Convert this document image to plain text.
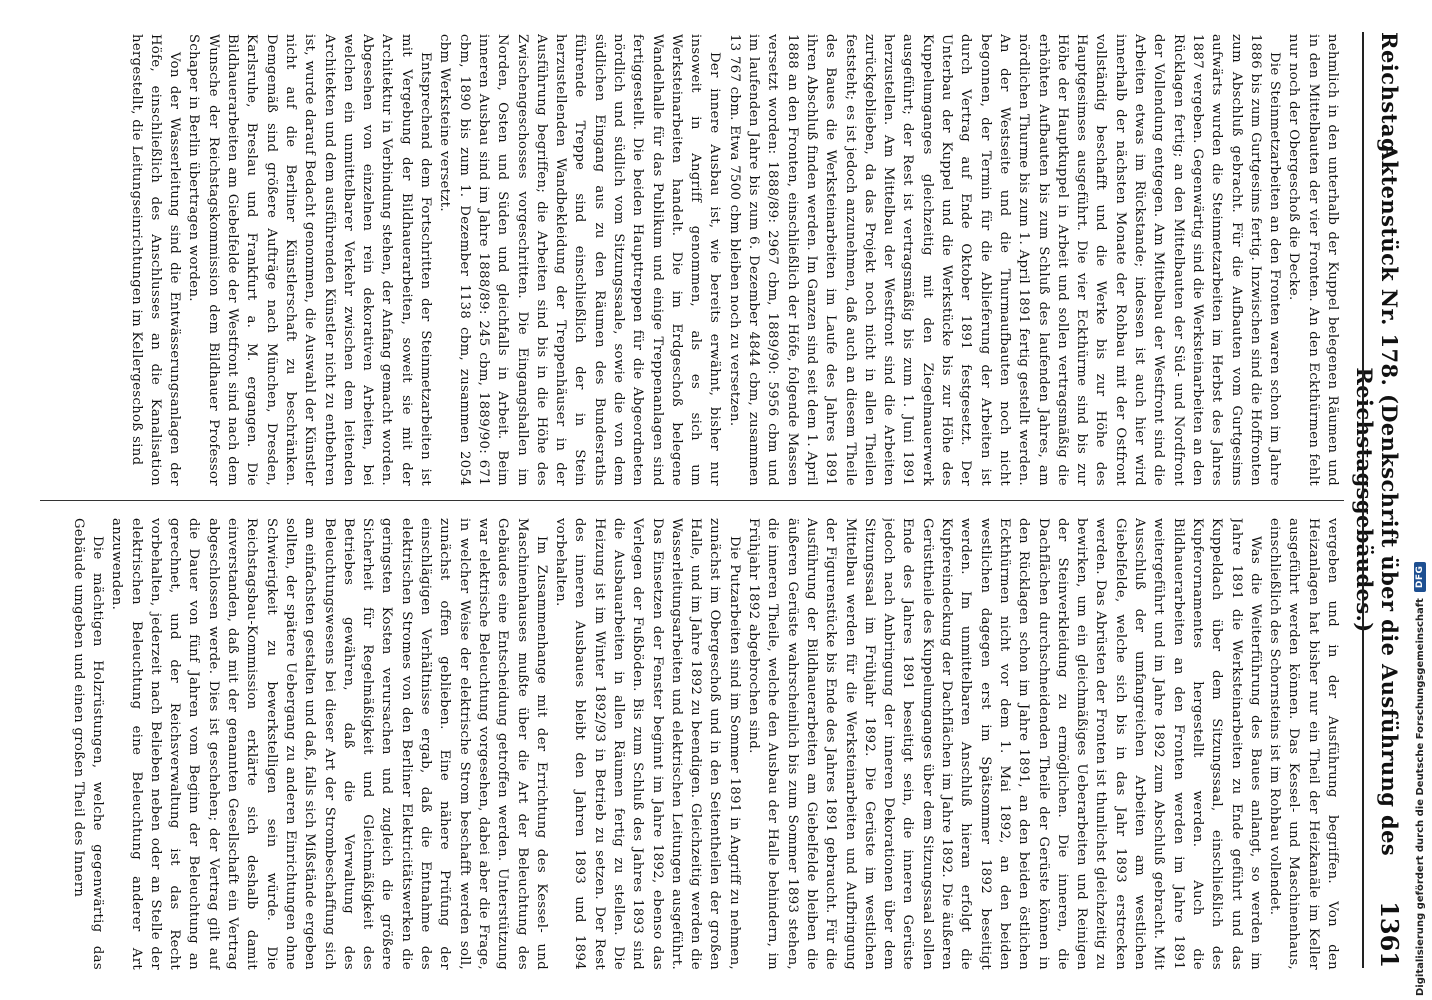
Reichstag.
Aktenstück Nr. 178. (Denkschrift über die Ausführung des Reichstagsgebäudes.)
1361

nehmlich in den unterhalb der Kuppel belegenen Räumen und in den Mittelbauten der vier Fronten. An den Eckthürmen fehlt nur noch der Obergeschoß die Decke.

Die Steinmetzarbeiten an den Fronten waren schon im Jahre 1886 bis zum Gurtgesims fertig. Inzwischen sind die Hoffronten zum Abschluß gebracht. Für die Aufbauten vom Gurtgesims aufwärts wurden die Steinmetzarbeiten im Herbst des Jahres 1887 vergeben. Gegenwärtig sind die Werksteinarbeiten an den Rücklagen fertig; an den Mittelbauten der Süd- und Nordfront der Vollendung entgegen. Am Mittelbau der Westfront sind die Arbeiten etwas im Rückstande; indessen ist auch hier wird innerhalb der nächsten Monate der Rohbau mit der Ostfront vollständig beschafft und die Werke bis zur Höhe des Hauptgesimses ausgeführt. Die vier Eckthürme sind bis zur Höhe der Hauptkuppel in Arbeit und sollen vertragsmäßig die erhöhten Aufbauten bis zum Schluß des laufenden Jahres, am nördlichen Thurme bis zum 1. April 1891 fertig gestellt werden. An der Westseite und die Thurmaufbauten noch nicht begonnen, der Termin für die Ablieferung der Arbeiten ist durch Vertrag auf Ende Oktober 1891 festgesetzt. Der Unterbau der Kuppel und die Werkstücke bis zur Höhe des Kuppelumganges gleichzeitig mit den Ziegelmauerwerk ausgeführt; der Rest ist vertragsmäßig bis zum 1. Juni 1891 herzustellen. Am Mittelbau der Westfront sind die Arbeiten zurückgeblieben, da das Projekt noch nicht in allen Theilen feststeht; es ist jedoch anzunehmen, daß auch an diesem Theile des Baues die Werksteinarbeiten im Laufe des Jahres 1891 ihren Abschluß finden werden. Im Ganzen sind seit dem 1. April 1888 an den Fronten, einschließlich der Höfe, folgende Massen versetzt worden: 1888/89: 2967 cbm, 1889/90: 5956 cbm und im laufenden Jahre bis zum 6. Dezember 4844 cbm, zusammen 13 767 cbm. Etwa 7500 cbm bleiben noch zu versetzen.

Der innere Ausbau ist, wie bereits erwähnt, bisher nur insoweit in Angriff genommen, als es sich um Werksteinarbeiten handelt. Die im Erdgeschoß belegene Wandelhalle für das Publikum und einige Treppenanlagen sind fertiggestellt. Die beiden Haupttreppen für die Abgeordneten nördlich und südlich vom Sitzungssaale, sowie die von dem südlichen Eingang aus zu den Räumen des Bundesraths führende Treppe sind einschließlich der in Stein herzustellenden Wandbekleidung der Treppenhäuser in der Ausführung begriffen; die Arbeiten sind bis in die Höhe des Zwischengeschosses vorgeschritten. Die Eingangshallen im Norden, Osten und Süden und gleichfalls in Arbeit. Beim inneren Ausbau sind im Jahre 1888/89: 245 cbm, 1889/90: 671 cbm, 1890 bis zum 1. Dezember 1138 cbm, zusammen 2054 cbm Werksteine versetzt.

Entsprechend dem Fortschritten der Steinmetzarbeiten ist mit Vergebung der Bildhauerarbeiten, soweit sie mit der Architektur in Verbindung stehen, der Anfang gemacht worden. Abgesehen von einzelnen rein dekorativen Arbeiten, bei welchen ein unmittelbarer Verkehr zwischen dem leitenden Architekten und dem ausführenden Künstler nicht zu entbehren ist, wurde darauf Bedacht genommen, die Auswahl der Künstler nicht auf die Berliner Künstlerschaft zu beschränken. Demgemäß sind größere Aufträge nach München, Dresden, Karlsruhe, Breslau und Frankfurt a. M. ergangen. Die Bildhauerarbeiten am Giebelfelde der Westfront sind nach dem Wunsche der Reichstagskommission dem Bildhauer Professor Schaper in Berlin übertragen worden.

Von der Wasserleitung sind die Entwässerungsanlagen der Höfe, einschließlich des Anschlusses an die Kanalisation hergestellt, die Leitungseinrichtungen im Kellergeschoß sind

vergeben und in der Ausführung begriffen. Von den Heizanlagen hat bisher nur ein Theil der Heizkanäle im Keller ausgeführt werden können. Das Kessel- und Maschinenhaus, einschließlich des Schornsteins ist im Rohbau vollendet.

Was die Weiterführung des Baues anlangt, so werden im Jahre 1891 die Werksteinarbeiten zu Ende geführt und das Kuppeldach über dem Sitzungssaal, einschließlich des Kupferornamentes hergestellt werden. Auch die Bildhauerarbeiten an den Fronten werden im Jahre 1891 weitergeführt und im Jahre 1892 zum Abschluß gebracht. Mit Ausschluß der umfangreichen Arbeiten am westlichen Giebelfelde, welche sich bis in das Jahr 1893 erstrecken werden. Das Abrüsten der Fronten ist thunlichst gleichzeitig zu bewirken, um ein gleichmäßiges Ueberarbeiten und Reinigen der Steinverkleidung zu ermöglichen. Die inneren, die Dachflächen durchschneidenden Theile der Gerüste können in den Rücklagen schon im Jahre 1891, an den beiden östlichen Eckthürmen nicht vor dem 1. Mai 1892, an den beiden westlichen dagegen erst im Spätsommer 1892 beseitigt werden. Im unmittelbaren Anschluß hieran erfolgt die Kupfereindeckung der Dachflächen im Jahre 1892. Die äußeren Gerüsttheile des Kuppelumganges über dem Sitzungssaal sollen Ende des Jahres 1891 beseitigt sein, die inneren Gerüste jedoch nach Anbringung der inneren Dekorationen über dem Sitzungssaal im Frühjahr 1892. Die Gerüste im westlichen Mittelbau werden für die Werksteinarbeiten und Aufbringung der Figurenstücke bis Ende des Jahres 1891 gebraucht. Für die Ausführung der Bildhauerarbeiten am Giebelfelde bleiben die äußeren Gerüste wahrscheinlich bis zum Sommer 1893 stehen, die inneren Theile, welche den Ausbau der Halle behindern, im Frühjahr 1892 abgebrochen sind.

Die Putzarbeiten sind im Sommer 1891 in Angriff zu nehmen, zunächst im Obergeschoß und in den Seitentheilen der großen Halle, und im Jahre 1892 zu beendigen. Gleichzeitig werden die Wasserleitungsarbeiten und elektrischen Leitungen ausgeführt. Das Einsetzen der Fenster beginnt im Jahre 1892, ebenso das Verlegen der Fußböden. Bis zum Schluß des Jahres 1893 sind die Ausbauarbeiten in allen Räumen fertig zu stellen. Die Heizung ist im Winter 1892/93 in Betrieb zu setzen. Der Rest des inneren Ausbaues bleibt den Jahren 1893 und 1894 vorbehalten.

Im Zusammenhange mit der Errichtung des Kessel- und Maschinenhauses mußte über die Art der Beleuchtung des Gebäudes eine Entscheidung getroffen werden. Unterstützung war elektrische Beleuchtung vorgesehen, dabei aber die Frage, in welcher Weise der elektrische Strom beschafft werden soll, zunächst offen geblieben. Eine nähere Prüfung der einschlägigen Verhältnisse ergab, daß die Entnahme des elektrischen Stromes von den Berliner Elektricitätswerken die geringsten Kosten verursachen und zugleich die größere Sicherheit für Regelmäßigkeit und Gleichmäßigkeit des Betriebes gewähren, daß die Verwaltung des Beleuchtungswesens bei dieser Art der Strombeschaffung sich am einfachsten gestalten und daß, falls sich Mißstände ergeben sollten, der spätere Uebergang zu anderen Einrichtungen ohne Schwierigkeit zu bewerkstelligen sein würde. Die Reichstagsbau-Kommission erklärte sich deshalb damit einverstanden, daß mit der genannten Gesellschaft ein Vertrag abgeschlossen werde. Dies ist geschehen; der Vertrag gilt auf die Dauer von fünf Jahren vom Beginn der Beleuchtung an gerechnet, und der Reichsverwaltung ist das Recht vorbehalten, jederzeit nach Belieben neben oder an Stelle der elektrischen Beleuchtung eine Beleuchtung anderer Art anzuwenden.

Die mächtigen Holzrüstungen, welche gegenwärtig das Gebäude umgeben und einen großen Theil des Innern	Digitalisierung gefördert durch die Deutsche Forschungsgemeinschaft
DFG
